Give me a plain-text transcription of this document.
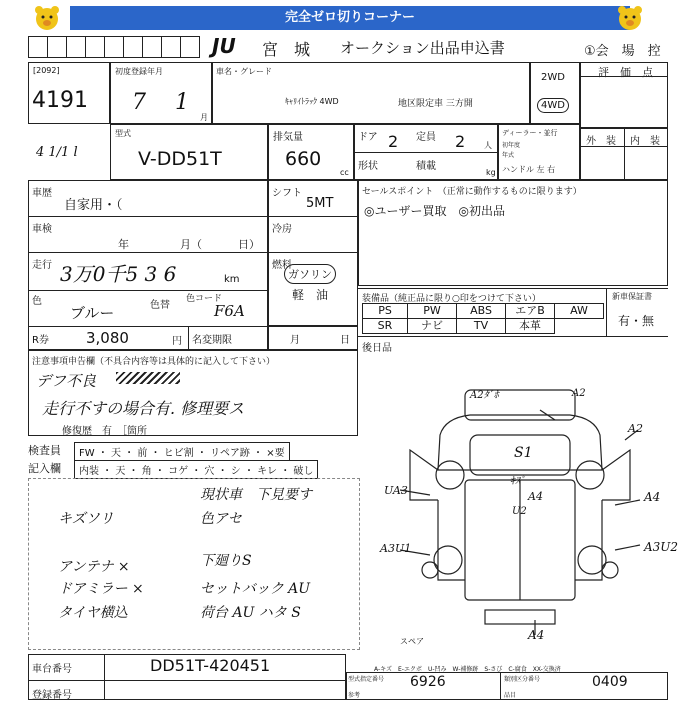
完全ゼロ切りコーナー
JU 宮　城 オークション出品申込書	①会　場　控
[2092]
4191
初度登録年月
7 1
月
車名・グレード
ｷｬﾘｲﾄﾗｯｸ 4WD	地区限定車 三方開
2WD
4WD
評　価　点
型式
V-DD51T
4 1/1 l
排気量
660
cc
ドア 2 定員 2 人
形状	積載
kg
ディーラー・並行
初年度
年式
ハンドル 左 右
外　装 内　装
車歴
自家用・（
車検
年	月（	日）
走行 3万0千5 3 6	km
色
ブルー	色替
色コード
F6A
R券 3,080	円 名変期限	月	日
シフト
5MT
冷房
燃料
ガソリン
軽　油
セールスポイント　（正常に動作するものに限ります）
◎ユーザー買取　◎初出品
装備品（純正品に限り○印をつけて下さい）	新車保証書
PS	PW	ABS	エアB	AW
SR	ナビ	TV	本革	有・無
後日品
注意事項申告欄（不具合内容等は具体的に記入して下さい）
デフ不良
走行不すの場合有. 修理要ス
修復歴　有　［箇所
検査員	FW ・ 天 ・ 前 ・ ヒビ割 ・ リペア跡 ・ ×要
記入欄	内装 ・ 天 ・ 角 ・ コゲ ・ 穴 ・ シ ・ キレ ・ 破し
現状車　下見要す
キズソリ	色アセ
アンテナ ×	下廻りS
ドアミラー ×	セットバック AU
タイヤ横込	荷台 AU ハタ S
A2ﾀﾞﾎ	A2
A2
S1
ｷｽﾞ
A4
U2
UA3	A4
A3U1	A3U2
A4
スペア
車台番号	DD51T-420451
登録番号
A-キズ　E-エクボ　U-凹み　W-補修跡　S-さび　C-腐食　XX-交換済
型式指定番号 6926	類別区分番号	0409
参考	品目
